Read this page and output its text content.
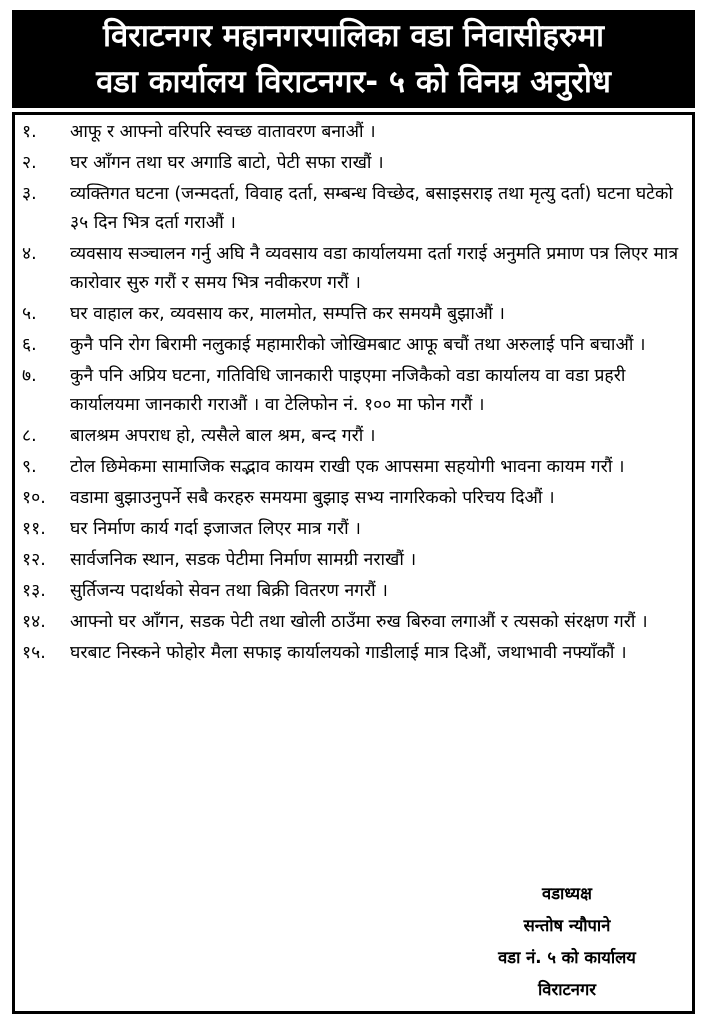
विराटनगर महानगरपालिका वडा निवासीहरुमा
वडा कार्यालय विराटनगर- ५ को विनम्र अनुरोध
१.	आफू र आफ्नो वरिपरि स्वच्छ वातावरण बनाऔं ।
२.	घर आँगन तथा घर अगाडि बाटो, पेटी सफा राखौं ।
३.	व्यक्तिगत घटना (जन्मदर्ता, विवाह दर्ता, सम्बन्ध विच्छेद, बसाइसराइ तथा मृत्यु दर्ता) घटना घटेको ३५ दिन भित्र दर्ता गराऔं ।
४.	व्यवसाय सञ्चालन गर्नु अघि नै व्यवसाय वडा कार्यालयमा दर्ता गराई अनुमति प्रमाण पत्र लिएर मात्र कारोवार सुरु गरौं र समय भित्र नवीकरण गरौं ।
५.	घर वाहाल कर, व्यवसाय कर, मालमोत, सम्पत्ति कर समयमै बुझाऔं ।
६.	कुनै पनि रोग बिरामी नलुकाई महामारीको जोखिमबाट आफू बचौं तथा अरुलाई पनि बचाऔं ।
७.	कुनै पनि अप्रिय घटना, गतिविधि जानकारी पाइएमा नजिकैको वडा कार्यालय वा वडा प्रहरी कार्यालयमा जानकारी गराऔं । वा टेलिफोन नं. १०० मा फोन गरौं ।
८.	बालश्रम अपराध हो, त्यसैले बाल श्रम, बन्द गरौं ।
९.	टोल छिमेकमा सामाजिक सद्भाव कायम राखी एक आपसमा सहयोगी भावना कायम गरौं ।
१०.	वडामा बुझाउनुपर्ने सबै करहरु समयमा बुझाइ सभ्य नागरिकको परिचय दिऔं ।
११.	घर निर्माण कार्य गर्दा इजाजत लिएर मात्र गरौं ।
१२.	सार्वजनिक स्थान, सडक पेटीमा निर्माण सामग्री नराखौं ।
१३.	सुर्तिजन्य पदार्थको सेवन तथा बिक्री वितरण नगरौं ।
१४.	आफ्नो घर आँगन, सडक पेटी तथा खोली ठाउँमा रुख बिरुवा लगाऔं र त्यसको संरक्षण गरौं ।
१५.	घरबाट निस्कने फोहोर मैला सफाइ कार्यालयको गाडीलाई मात्र दिऔं, जथाभावी नफ्याँकौं ।
वडाध्यक्ष
सन्तोष न्यौपाने
वडा नं. ५ को कार्यालय
विराटनगर
